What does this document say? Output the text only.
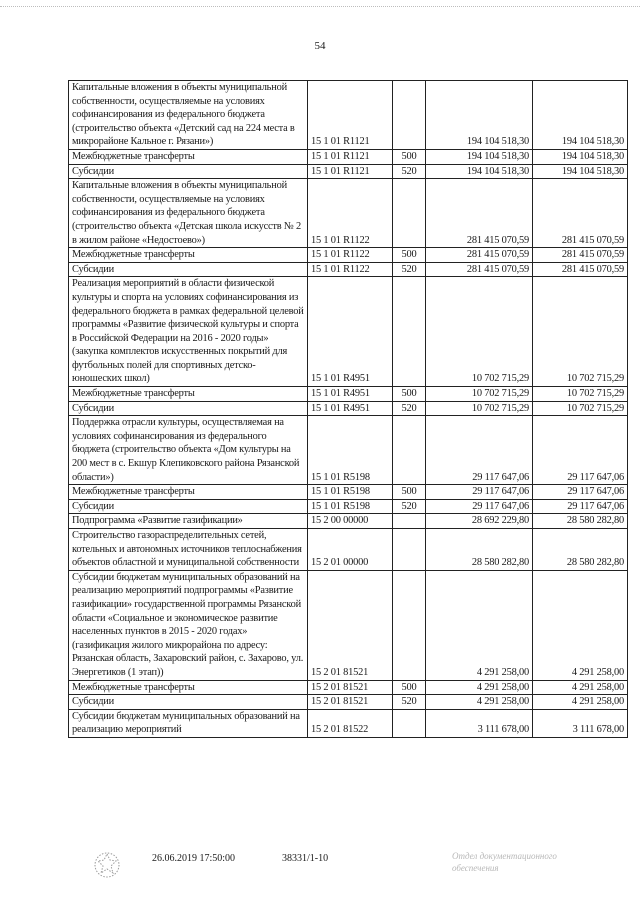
54
Капитальные вложения в объекты муниципальной собственности, осуществляемые на условиях софинансирования из федерального бюджета (строительство объекта «Детский сад на 224 места в микрорайоне Кальное г. Рязани»)	15 1 01 R1121		194 104 518,30	194 104 518,30
Межбюджетные трансферты	15 1 01 R1121	500	194 104 518,30	194 104 518,30
Субсидии	15 1 01 R1121	520	194 104 518,30	194 104 518,30
Капитальные вложения в объекты муниципальной собственности, осуществляемые на условиях софинансирования из федерального бюджета (строительство объекта «Детская школа искусств № 2 в жилом районе «Недостоево»)	15 1 01 R1122		281 415 070,59	281 415 070,59
Межбюджетные трансферты	15 1 01 R1122	500	281 415 070,59	281 415 070,59
Субсидии	15 1 01 R1122	520	281 415 070,59	281 415 070,59
Реализация мероприятий в области физической культуры и спорта на условиях софинансирования из федерального бюджета в рамках федеральной целевой программы «Развитие физической культуры и спорта в Российской Федерации на 2016 - 2020 годы» (закупка комплектов искусственных покрытий для футбольных полей для спортивных детско-юношеских школ)	15 1 01 R4951		10 702 715,29	10 702 715,29
Межбюджетные трансферты	15 1 01 R4951	500	10 702 715,29	10 702 715,29
Субсидии	15 1 01 R4951	520	10 702 715,29	10 702 715,29
Поддержка отрасли культуры, осуществляемая на условиях софинансирования из федерального бюджета (строительство объекта «Дом культуры на 200 мест в с. Екшур Клепиковского района Рязанской области»)	15 1 01 R5198		29 117 647,06	29 117 647,06
Межбюджетные трансферты	15 1 01 R5198	500	29 117 647,06	29 117 647,06
Субсидии	15 1 01 R5198	520	29 117 647,06	29 117 647,06
Подпрограмма «Развитие газификации»	15 2 00 00000		28 692 229,80	28 580 282,80
Строительство газораспределительных сетей, котельных и автономных источников теплоснабжения объектов областной и муниципальной собственности	15 2 01 00000		28 580 282,80	28 580 282,80
Субсидии бюджетам муниципальных образований на реализацию мероприятий подпрограммы «Развитие газификации» государственной программы Рязанской области «Социальное и экономическое развитие населенных пунктов в 2015 - 2020 годах» (газификация жилого микрорайона по адресу: Рязанская область, Захаровский район, с. Захарово, ул. Энергетиков (1 этап))	15 2 01 81521		4 291 258,00	4 291 258,00
Межбюджетные трансферты	15 2 01 81521	500	4 291 258,00	4 291 258,00
Субсидии	15 2 01 81521	520	4 291 258,00	4 291 258,00
Субсидии бюджетам муниципальных образований на реализацию мероприятий	15 2 01 81522		3 111 678,00	3 111 678,00
26.06.2019 17:50:00	38331/1-10	Отдел документационного обеспечения
